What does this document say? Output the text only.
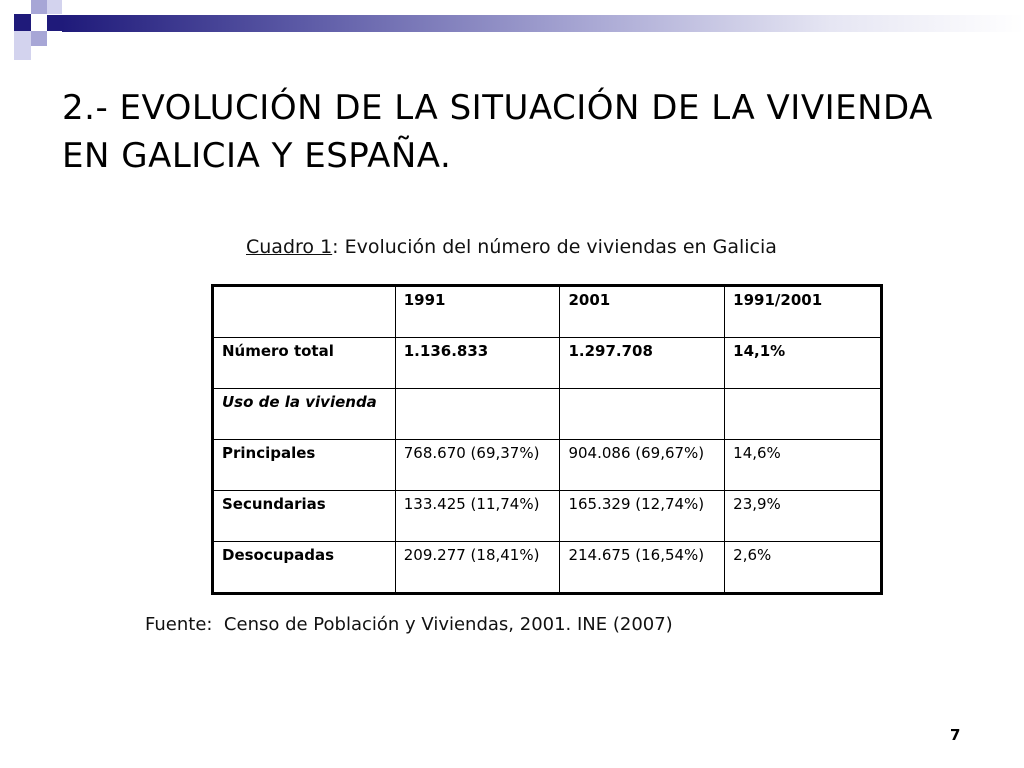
2.- EVOLUCIÓN DE LA SITUACIÓN DE LA VIVIENDA
EN GALICIA Y ESPAÑA.
Cuadro 1: Evolución del número de viviendas en Galicia
	1991	2001	1991/2001
Número total	1.136.833	1.297.708	14,1%
Uso de la vivienda			
Principales	768.670 (69,37%)	904.086 (69,67%)	14,6%
Secundarias	133.425 (11,74%)	165.329 (12,74%)	23,9%
Desocupadas	209.277 (18,41%)	214.675 (16,54%)	2,6%
Fuente: Censo de Población y Viviendas, 2001. INE (2007)
7
